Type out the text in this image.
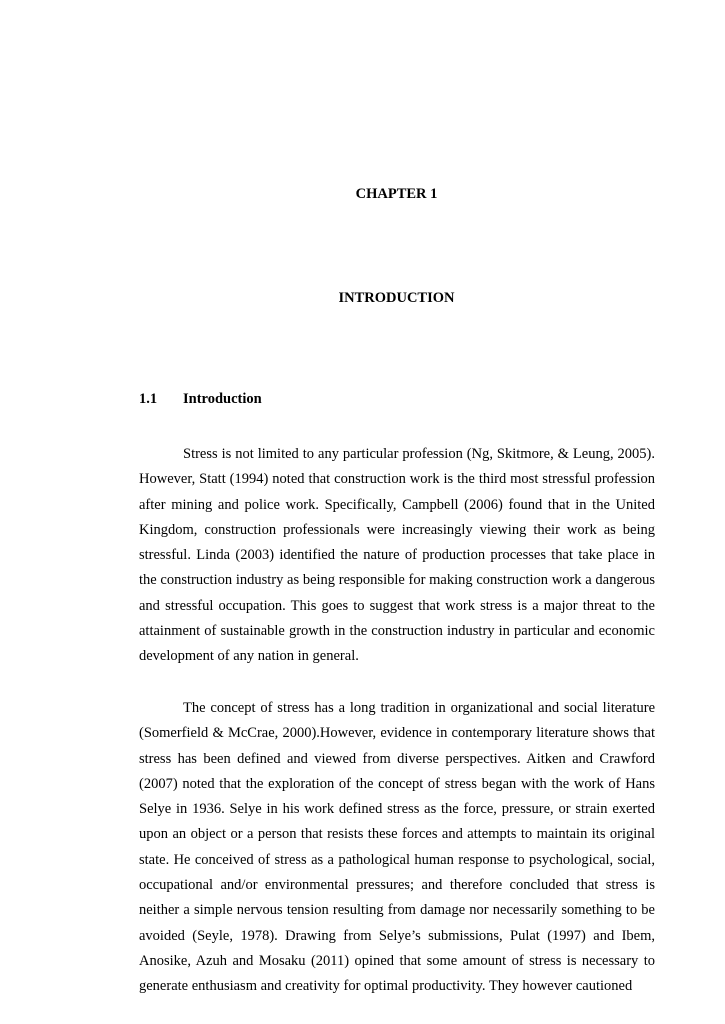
CHAPTER 1
INTRODUCTION
1.1 Introduction

Stress is not limited to any particular profession (Ng, Skitmore, & Leung, 2005). However, Statt (1994) noted that construction work is the third most stressful profession after mining and police work. Specifically, Campbell (2006) found that in the United Kingdom, construction professionals were increasingly viewing their work as being stressful. Linda (2003) identified the nature of production processes that take place in the construction industry as being responsible for making construction work a dangerous and stressful occupation. This goes to suggest that work stress is a major threat to the attainment of sustainable growth in the construction industry in particular and economic development of any nation in general.

The concept of stress has a long tradition in organizational and social literature (Somerfield & McCrae, 2000).However, evidence in contemporary literature shows that stress has been defined and viewed from diverse perspectives. Aitken and Crawford (2007) noted that the exploration of the concept of stress began with the work of Hans Selye in 1936. Selye in his work defined stress as the force, pressure, or strain exerted upon an object or a person that resists these forces and attempts to maintain its original state. He conceived of stress as a pathological human response to psychological, social, occupational and/or environmental pressures; and therefore concluded that stress is neither a simple nervous tension resulting from damage nor necessarily something to be avoided (Seyle, 1978). Drawing from Selye’s submissions, Pulat (1997) and Ibem, Anosike, Azuh and Mosaku (2011) opined that some amount of stress is necessary to generate enthusiasm and creativity for optimal productivity. They however cautioned
